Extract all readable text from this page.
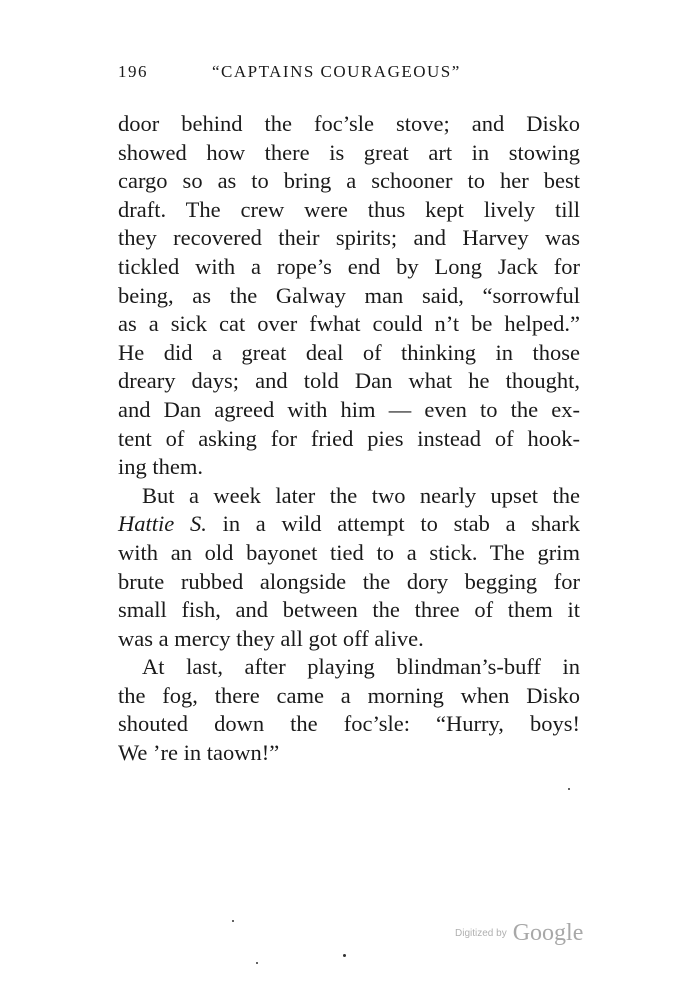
196	“CAPTAINS COURAGEOUS”
door behind the foc’sle stove; and Disko
showed how there is great art in stowing
cargo so as to bring a schooner to her best
draft. The crew were thus kept lively till
they recovered their spirits; and Harvey was
tickled with a rope’s end by Long Jack for
being, as the Galway man said, “sorrowful
as a sick cat over fwhat could n’t be helped.”
He did a great deal of thinking in those
dreary days; and told Dan what he thought,
and Dan agreed with him — even to the ex-
tent of asking for fried pies instead of hook-
ing them.
But a week later the two nearly upset the
Hattie S. in a wild attempt to stab a shark
with an old bayonet tied to a stick. The grim
brute rubbed alongside the dory begging for
small fish, and between the three of them it
was a mercy they all got off alive.
At last, after playing blindman’s-buff in
the fog, there came a morning when Disko
shouted down the foc’sle: “Hurry, boys!
We ’re in taown!”
Digitized by Google
